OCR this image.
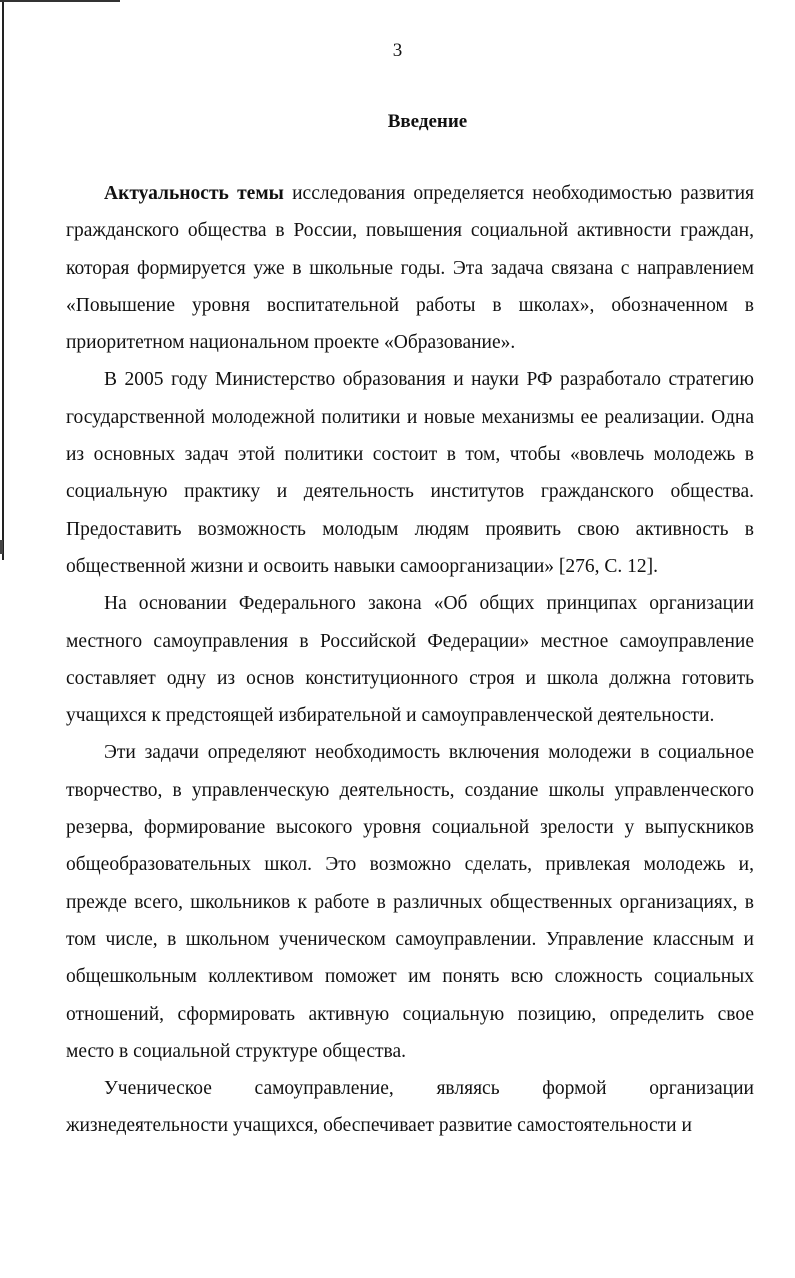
3
Введение

Актуальность темы исследования определяется необходимостью развития гражданского общества в России, повышения социальной активности граждан, которая формируется уже в школьные годы. Эта задача связана с направлением «Повышение уровня воспитательной работы в школах», обозначенном в приоритетном национальном проекте «Образование».

В 2005 году Министерство образования и науки РФ разработало стратегию государственной молодежной политики и новые механизмы ее реализации. Одна из основных задач этой политики состоит в том, чтобы «вовлечь молодежь в социальную практику и деятельность институтов гражданского общества. Предоставить возможность молодым людям проявить свою активность в общественной жизни и освоить навыки самоорганизации» [276, С. 12].

На основании Федерального закона «Об общих принципах организации местного самоуправления в Российской Федерации» местное самоуправление составляет одну из основ конституционного строя и школа должна готовить учащихся к предстоящей избирательной и самоуправленческой деятельности.

Эти задачи определяют необходимость включения молодежи в социальное творчество, в управленческую деятельность, создание школы управленческого резерва, формирование высокого уровня социальной зрелости у выпускников общеобразовательных школ. Это возможно сделать, привлекая молодежь и, прежде всего, школьников к работе в различных общественных организациях, в том числе, в школьном ученическом самоуправлении. Управление классным и общешкольным коллективом поможет им понять всю сложность социальных отношений, сформировать активную социальную позицию, определить свое место в социальной структуре общества.

Ученическое самоуправление, являясь формой организации жизнедеятельности учащихся, обеспечивает развитие самостоятельности и
